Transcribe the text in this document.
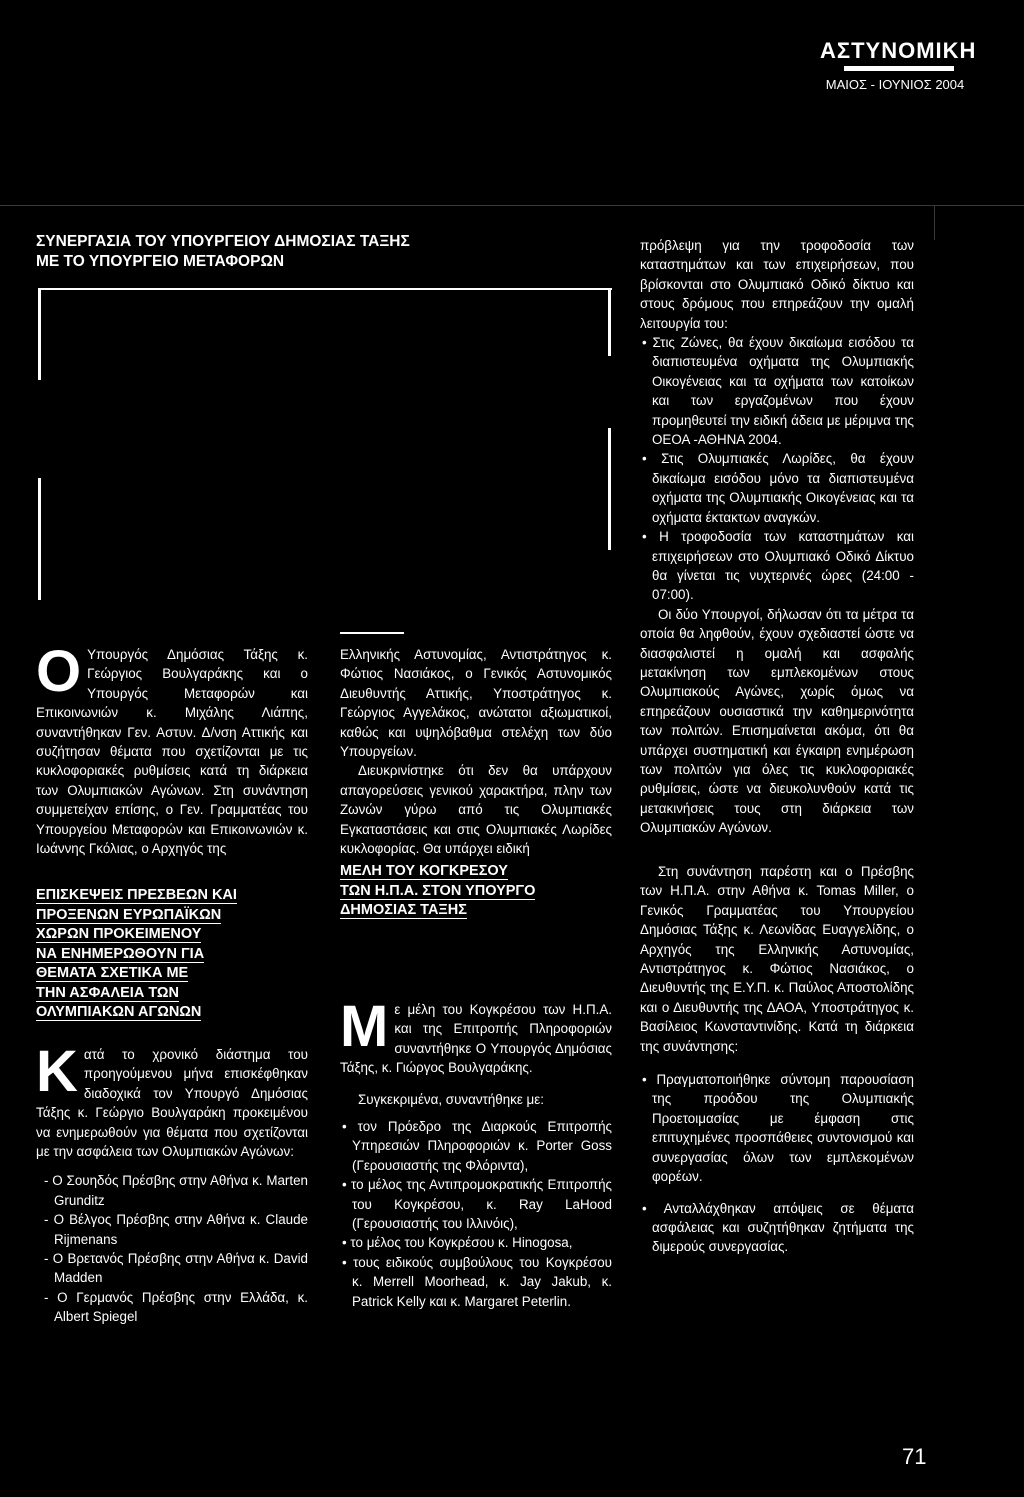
ΑΣΤΥΝΟΜΙΚΗ
ΜΑΙΟΣ - ΙΟΥΝΙΟΣ 2004
ΣΥΝΕΡΓΑΣΙΑ ΤΟΥ ΥΠΟΥΡΓΕΙΟΥ ΔΗΜΟΣΙΑΣ ΤΑΞΗΣ
ΜΕ ΤΟ ΥΠΟΥΡΓΕΙΟ ΜΕΤΑΦΟΡΩΝ
Ο Υπουργός Δημόσιας Τάξης κ. Γεώργιος Βουλγαράκης και ο Υπουργός Μεταφορών και Επικοινωνιών κ. Μιχάλης Λιάπης, συναντήθηκαν Γεν. Αστυν. Δ/νση Αττικής και συζήτησαν θέματα που σχετίζονται με τις κυκλοφοριακές ρυθμίσεις κατά τη διάρκεια των Ολυμπιακών Αγώνων. Στη συνάντηση συμμετείχαν επίσης, ο Γεν. Γραμματέας του Υπουργείου Μεταφορών και Επικοινωνιών κ. Ιωάννης Γκόλιας, ο Αρχηγός της

Ελληνικής Αστυνομίας, Αντιστράτηγος κ. Φώτιος Νασιάκος, ο Γενικός Αστυνομικός Διευθυντής Αττικής, Υποστράτηγος κ. Γεώργιος Αγγελάκος, ανώτατοι αξιωματικοί, καθώς και υψηλόβαθμα στελέχη των δύο Υπουργείων.

Διευκρινίστηκε ότι δεν θα υπάρχουν απαγορεύσεις γενικού χαρακτήρα, πλην των Ζωνών γύρω από τις Ολυμπιακές Εγκαταστάσεις και στις Ολυμπιακές Λωρίδες κυκλοφορίας. Θα υπάρχει ειδική

πρόβλεψη για την τροφοδοσία των καταστημάτων και των επιχειρήσεων, που βρίσκονται στο Ολυμπιακό Οδικό δίκτυο και στους δρόμους που επηρεάζουν την ομαλή λειτουργία του:

• Στις Ζώνες, θα έχουν δικαίωμα εισόδου τα διαπιστευμένα οχήματα της Ολυμπιακής Οικογένειας και τα οχήματα των κατοίκων και των εργαζομένων που έχουν προμηθευτεί την ειδική άδεια με μέριμνα της ΟΕΟΑ -ΑΘΗΝΑ 2004.
• Στις Ολυμπιακές Λωρίδες, θα έχουν δικαίωμα εισόδου μόνο τα διαπιστευμένα οχήματα της Ολυμπιακής Οικογένειας και τα οχήματα έκτακτων αναγκών.
• Η τροφοδοσία των καταστημάτων και επιχειρήσεων στο Ολυμπιακό Οδικό Δίκτυο θα γίνεται τις νυχτερινές ώρες (24:00 - 07:00).

Οι δύο Υπουργοί, δήλωσαν ότι τα μέτρα τα οποία θα ληφθούν, έχουν σχεδιαστεί ώστε να διασφαλιστεί η ομαλή και ασφαλής μετακίνηση των εμπλεκομένων στους Ολυμπιακούς Αγώνες, χωρίς όμως να επηρεάζουν ουσιαστικά την καθημερινότητα των πολιτών. Επισημαίνεται ακόμα, ότι θα υπάρχει συστηματική και έγκαιρη ενημέρωση των πολιτών για όλες τις κυκλοφοριακές ρυθμίσεις, ώστε να διευκολυνθούν κατά τις μετακινήσεις τους στη διάρκεια των Ολυμπιακών Αγώνων.

ΕΠΙΣΚΕΨΕΙΣ ΠΡΕΣΒΕΩΝ ΚΑΙ
ΠΡΟΞΕΝΩΝ ΕΥΡΩΠΑΪΚΩΝ
ΧΩΡΩΝ ΠΡΟΚΕΙΜΕΝΟΥ
ΝΑ ΕΝΗΜΕΡΩΘΟΥΝ ΓΙΑ
ΘΕΜΑΤΑ ΣΧΕΤΙΚΑ ΜΕ
ΤΗΝ ΑΣΦΑΛΕΙΑ ΤΩΝ
ΟΛΥΜΠΙΑΚΩΝ ΑΓΩΝΩΝ
Κ ατά το χρονικό διάστημα του προηγούμενου μήνα επισκέφθηκαν διαδοχικά τον Υπουργό Δημόσιας Τάξης κ. Γεώργιο Βουλγαράκη προκειμένου να ενημερωθούν για θέματα που σχετίζονται με την ασφάλεια των Ολυμπιακών Αγώνων:

- Ο Σουηδός Πρέσβης στην Αθήνα κ. Marten Grunditz

- Ο Βέλγος Πρέσβης στην Αθήνα κ. Claude Rijmenans

- Ο Βρετανός Πρέσβης στην Αθήνα κ. David Madden

- Ο Γερμανός Πρέσβης στην Ελλάδα, κ. Albert Spiegel

ΜΕΛΗ ΤΟΥ ΚΟΓΚΡΕΣΟΥ
ΤΩΝ Η.Π.Α. ΣΤΟΝ ΥΠΟΥΡΓΟ
ΔΗΜΟΣΙΑΣ ΤΑΞΗΣ
Μ ε μέλη του Κογκρέσου των Η.Π.Α. και της Επιτροπής Πληροφοριών συναντήθηκε Ο Υπουργός Δημόσιας Τάξης, κ. Γιώργος Βουλγαράκης.

Συγκεκριμένα, συναντήθηκε με:

• τον Πρόεδρο της Διαρκούς Επιτροπής Υπηρεσιών Πληροφοριών κ. Porter Goss (Γερουσιαστής της Φλόριντα),
• το μέλος της Αντιπρομοκρατικής Επιτροπής του Κογκρέσου, κ. Ray LaHood (Γερουσιαστής του Ιλλινόις),
• το μέλος του Κογκρέσου κ. Hinogosa,
• τους ειδικούς συμβούλους του Κογκρέσου κ. Merrell Moorhead, κ. Jay Jakub, κ. Patrick Kelly και κ. Margaret Peterlin.

Στη συνάντηση παρέστη και ο Πρέσβης των Η.Π.Α. στην Αθήνα κ. Tomas Miller, ο Γενικός Γραμματέας του Υπουργείου Δημόσιας Τάξης κ. Λεωνίδας Ευαγγελίδης, ο Αρχηγός της Ελληνικής Αστυνομίας, Αντιστράτηγος κ. Φώτιος Νασιάκος, ο Διευθυντής της Ε.Υ.Π. κ. Παύλος Αποστολίδης και ο Διευθυντής της ΔΑΟΑ, Υποστράτηγος κ. Βασίλειος Κωνσταντινίδης. Κατά τη διάρκεια της συνάντησης:

• Πραγματοποιήθηκε σύντομη παρουσίαση της προόδου της Ολυμπιακής Προετοιμασίας με έμφαση στις επιτυχημένες προσπάθειες συντονισμού και συνεργασίας όλων των εμπλεκομένων φορέων.
• Ανταλλάχθηκαν απόψεις σε θέματα ασφάλειας και συζητήθηκαν ζητήματα της διμερούς συνεργασίας.
71
